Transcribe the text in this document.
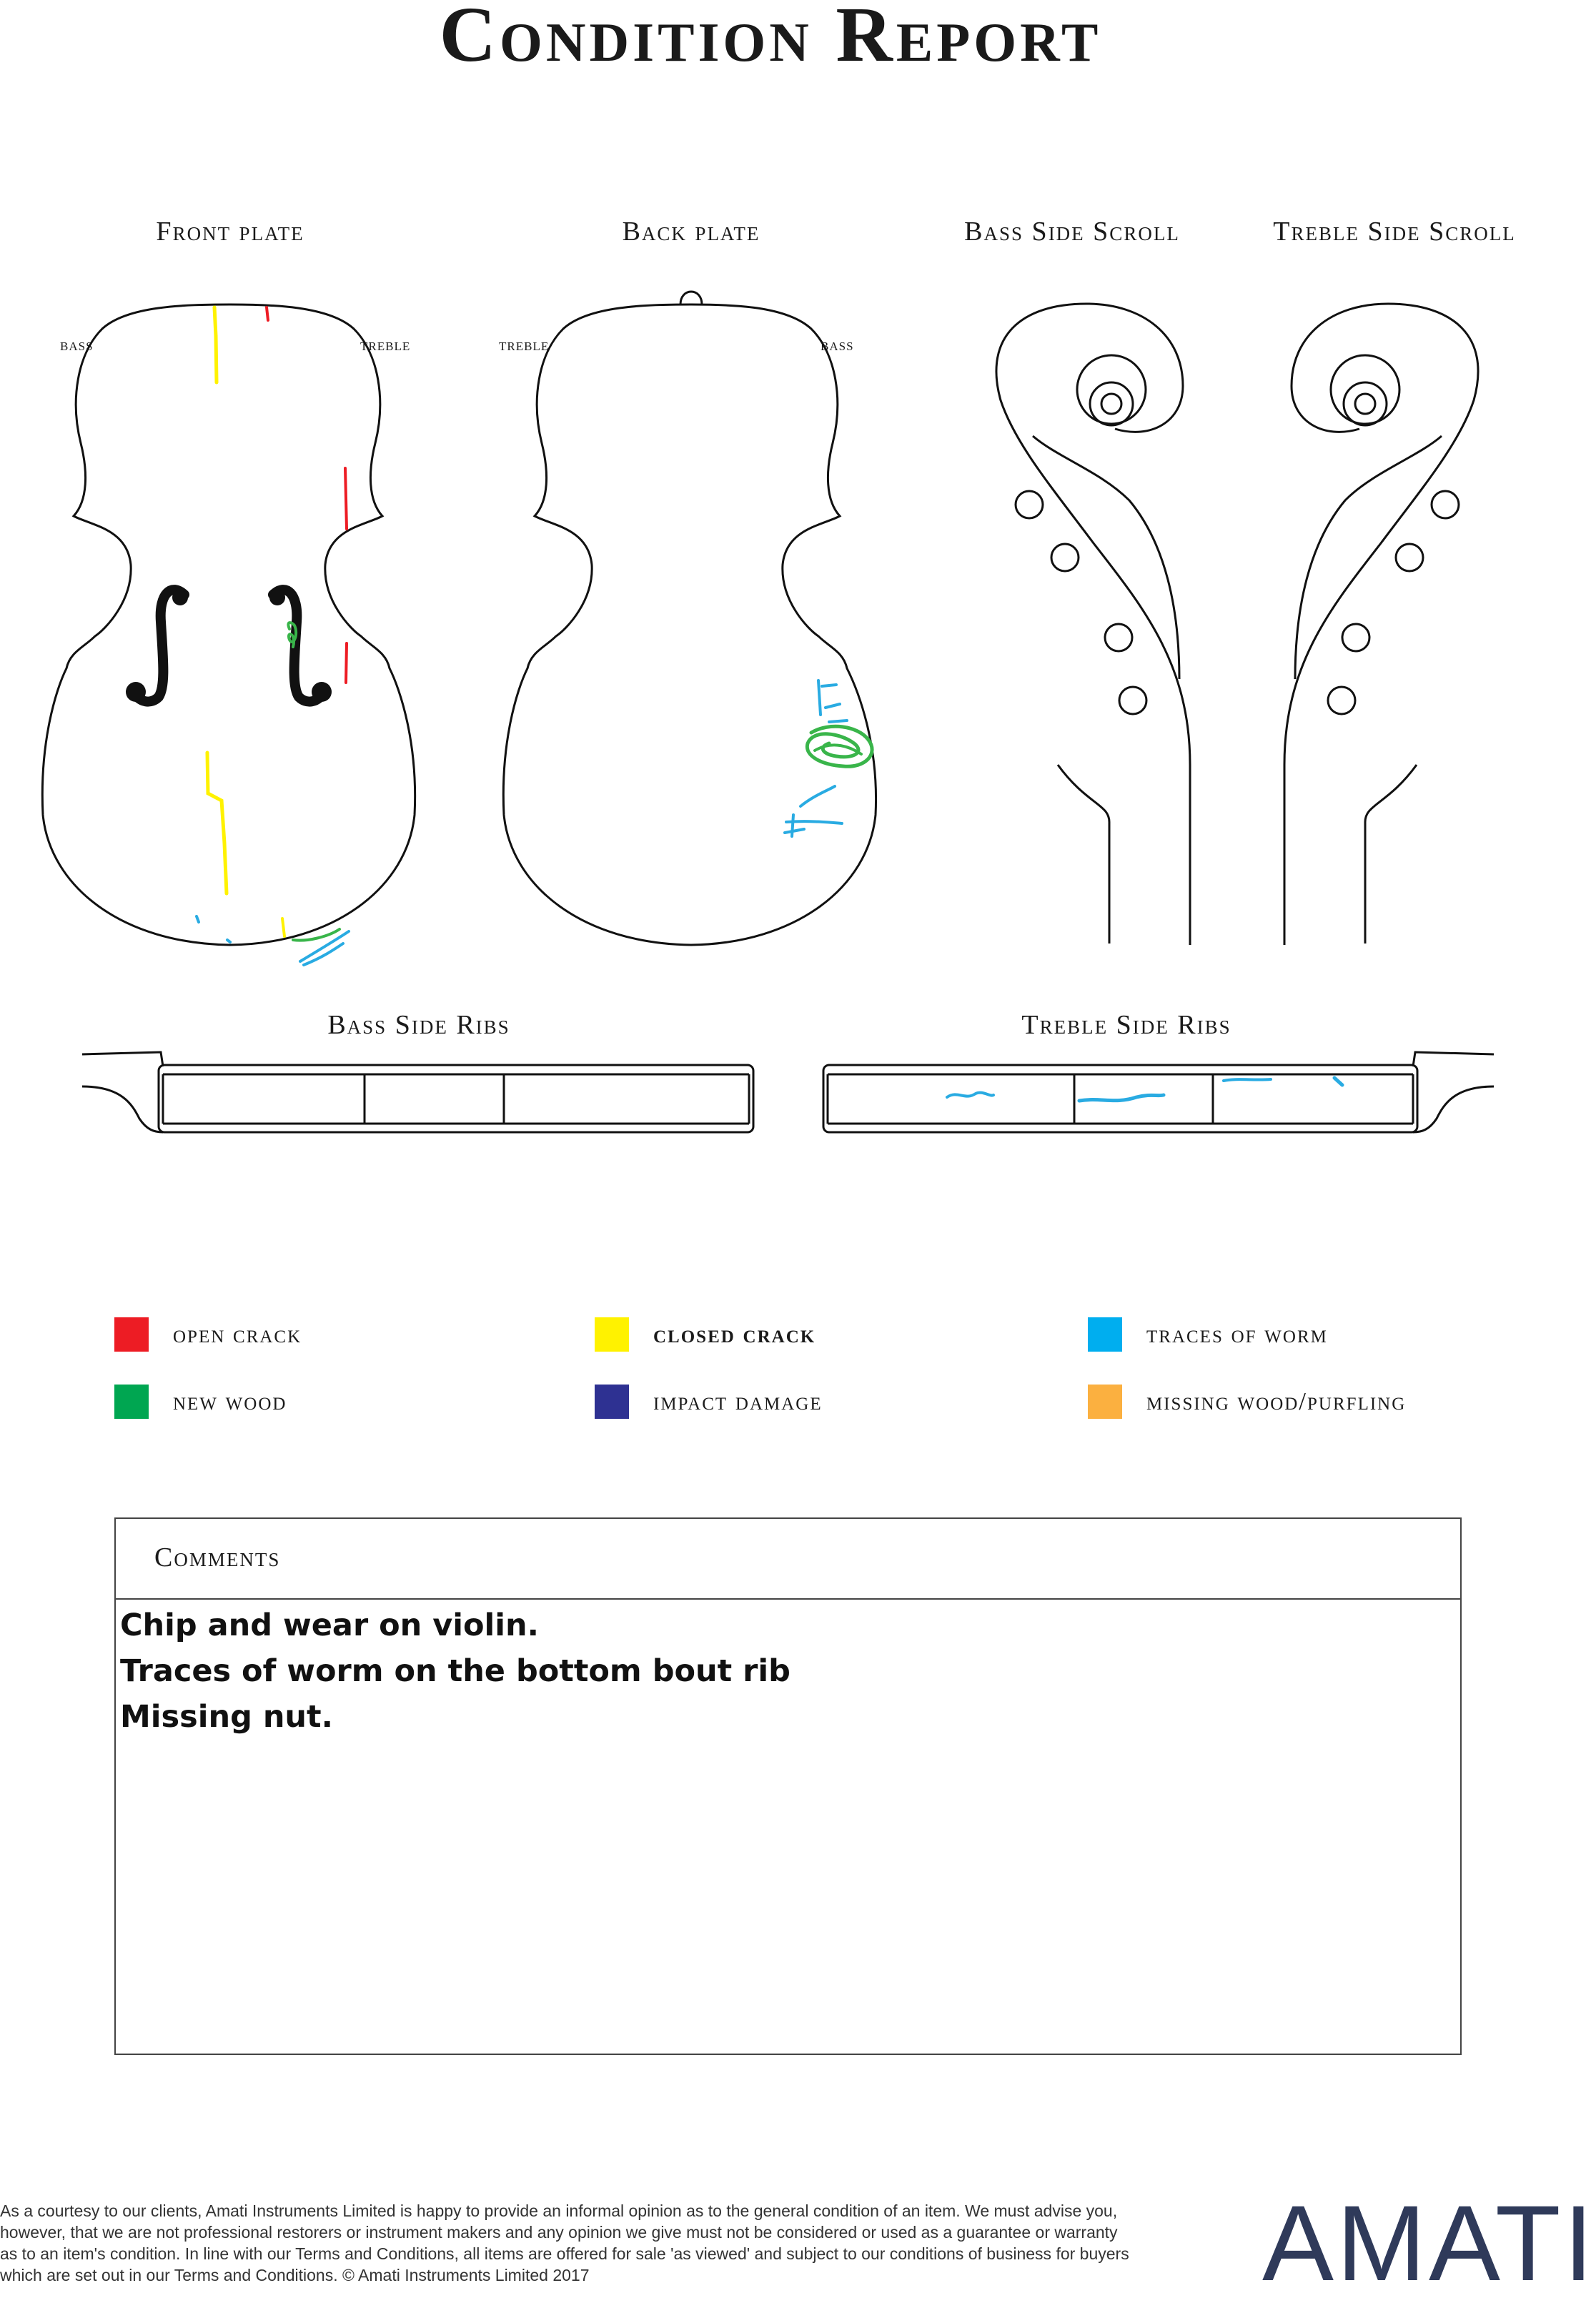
Condition Report
Front plate	Back plate	Bass Side Scroll	Treble Side Scroll
Bass Side Ribs	Treble Side Ribs
bass	treble	treble	bass
open crack	closed crack	traces of worm
new wood	impact damage	missing wood/purfling
Comments
Chip and wear on violin.
Traces of worm on the bottom bout rib
Missing nut.

As a courtesy to our clients, Amati Instruments Limited is happy to provide an informal opinion as to the general condition of an item. We must advise you, however, that we are not professional restorers or instrument makers and any opinion we give must not be considered or used as a guarantee or warranty as to an item's condition. In line with our Terms and Conditions, all items are offered for sale 'as viewed' and subject to our conditions of business for buyers which are set out in our Terms and Conditions. © Amati Instruments Limited 2017	AMATI
